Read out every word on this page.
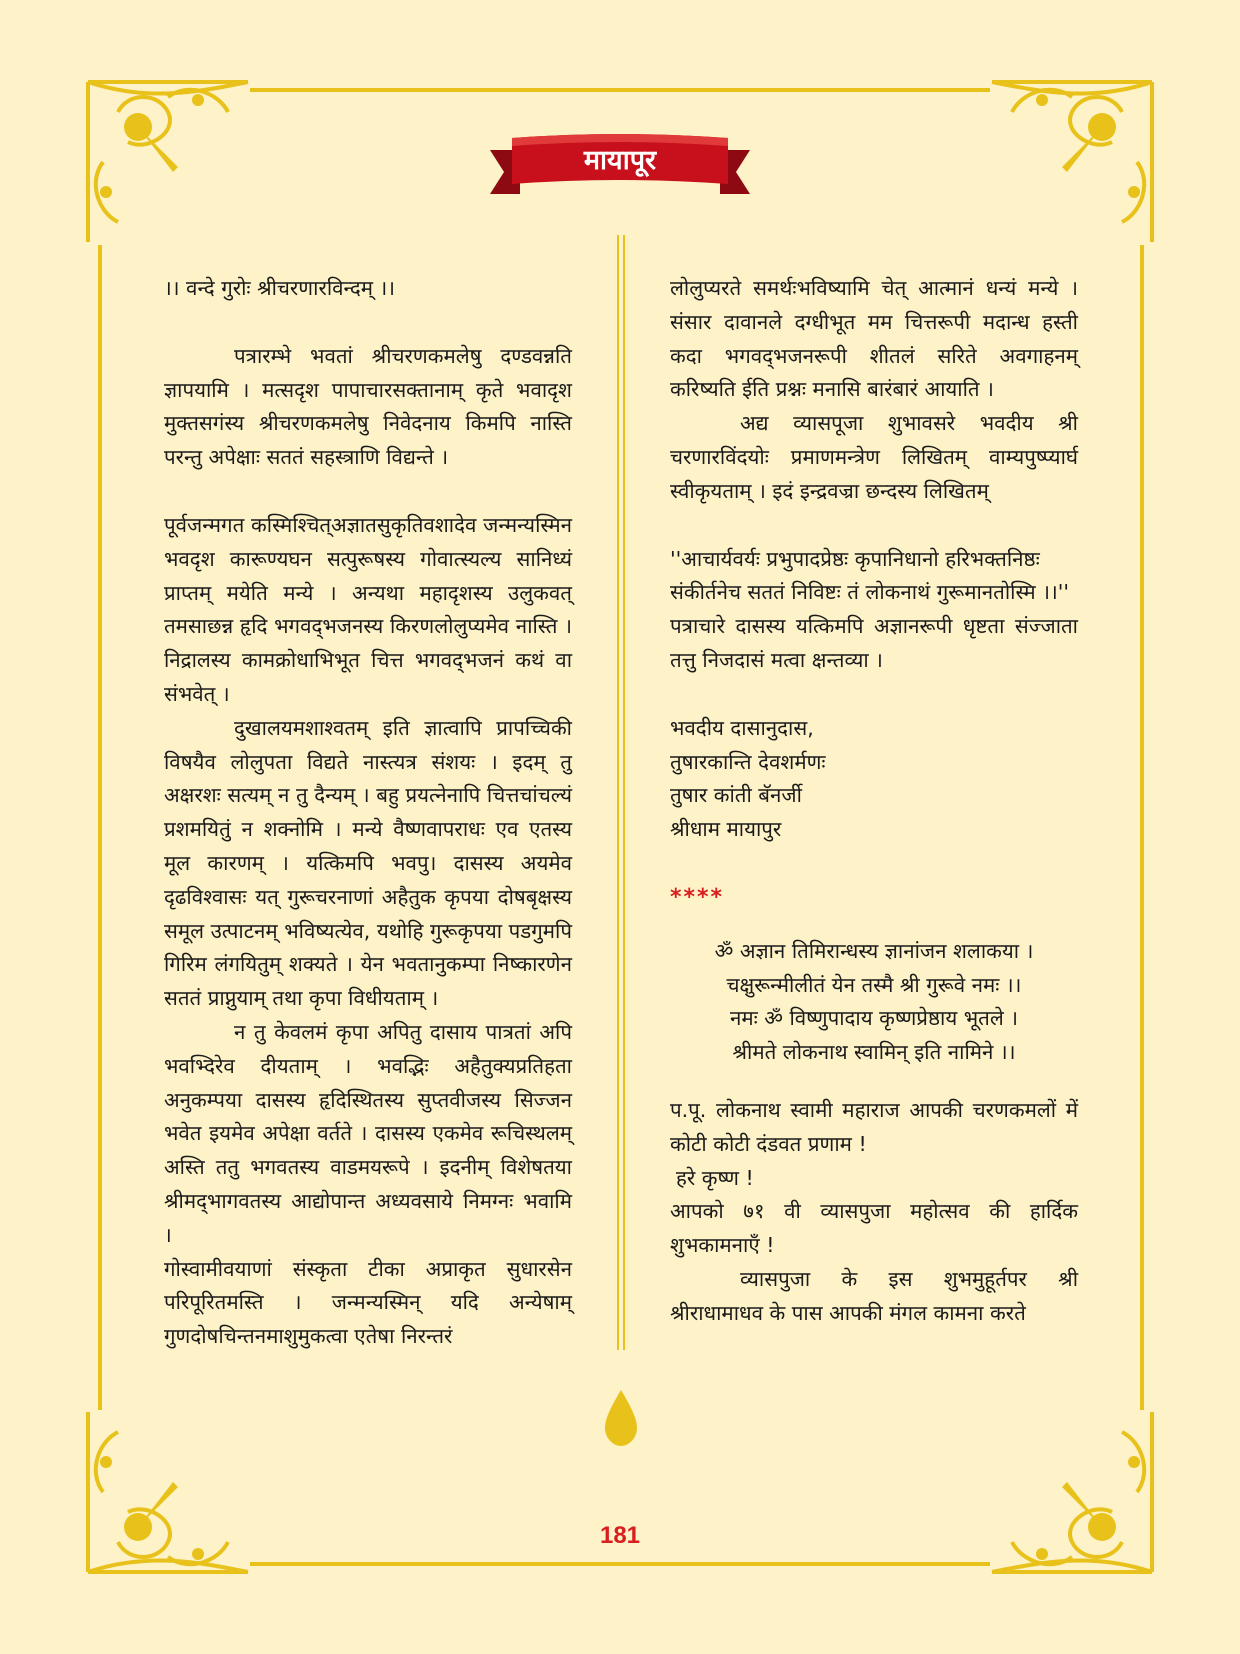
मायापूर

।। वन्दे गुरोः श्रीचरणारविन्दम् ।।

पत्रारम्भे भवतां श्रीचरणकमलेषु दण्डवन्नति ज्ञापयामि । मत्सदृश पापाचारसक्तानाम् कृते भवादृश मुक्तसगंस्य श्रीचरणकमलेषु निवेदनाय किमपि नास्ति परन्तु अपेक्षाः सततं सहस्त्राणि विद्यन्ते ।

पूर्वजन्मगत कस्मिश्चित्‌अज्ञातसुकृतिवशादेव जन्मन्यस्मिन भवदृश कारूण्यघन सत्पुरूषस्य गोवात्स्यल्य सानिध्यं प्राप्तम् मयेति मन्ये । अन्यथा महादृशस्य उलुकवत् तमसाछन्न हृदि भगवद्‌भजनस्य किरणलोलुप्यमेव नास्ति । निद्रालस्य कामक्रोधाभिभूत चित्त भगवद्‌भजनं कथं वा संभवेत् ।

दुखालयमशाश्वतम् इति ज्ञात्वापि प्रापच्चिकी विषयैव लोलुपता विद्यते नास्त्यत्र संशयः । इदम् तु अक्षरशः सत्यम् न तु दैन्यम् । बहु प्रयत्नेनापि चित्तचांचल्यं प्रशमयितुं न शक्नोमि । मन्ये वैष्णवापराधः एव एतस्य मूल कारणम् । यत्किमपि भवपु। दासस्य अयमेव दृढविश्वासः यत् गुरूचरनाणां अहैतुक कृपया दोषबृक्षस्य समूल उत्पाटनम् भविष्यत्येव, यथोहि गुरूकृपया पडगुमपि गिरिम लंगयितुम् शक्यते । येन भवतानुकम्पा निष्कारणेन सततं प्राप्नुयाम् तथा कृपा विधीयताम् ।

न तु केवलमं कृपा अपितु दासाय पात्रतां अपि भवभ्दिरेव दीयताम् । भवद्भिः अहैतुक्यप्रतिहता अनुकम्पया दासस्य हृदिस्थितस्य सुप्तवीजस्य सिज्जन भवेत इयमेव अपेक्षा वर्तते । दासस्य एकमेव रूचिस्थलम् अस्ति ततु भगवतस्य वाडमयरूपे । इदनीम् विशेषतया श्रीमद्‌भागवतस्य आद्योपान्त अध्यवसाये निमग्नः भवामि ।

गोस्वामीवयाणां संस्कृता टीका अप्राकृत सुधारसेन परिपूरितमस्ति । जन्मन्यस्मिन् यदि अन्येषाम् गुणदोषचिन्तनमाशुमुकत्वा एतेषा निरन्तरं

लोलुप्यरते समर्थःभविष्यामि चेत् आत्मानं धन्यं मन्ये । संसार दावानले दग्धीभूत मम चित्तरूपी मदान्ध हस्ती कदा भगवद्‌भजनरूपी शीतलं सरिते अवगाहनम् करिष्यति ईति प्रश्नः मनासि बारंबारं आयाति ।

अद्य व्यासपूजा शुभावसरे भवदीय श्री चरणारविंदयोः प्रमाणमन्त्रेण लिखितम् वाम्यपुष्प्यार्घ स्वीकृयताम् । इदं इन्द्रवज्रा छन्दस्य लिखितम्

''आचार्यवर्यः प्रभुपादप्रेष्ठः कृपानिधानो हरिभक्तनिष्ठः

संकीर्तनेच सततं निविष्टः तं लोकनाथं गुरूमानतोस्मि ।।''

पत्राचारे दासस्य यत्किमपि अज्ञानरूपी धृष्टता संज्जाता तत्तु निजदासं मत्वा क्षन्तव्या ।

भवदीय दासानुदास,

तुषारकान्ति देवशर्मणः

तुषार कांती बॅनर्जी

श्रीधाम मायापुर

****

ॐ अज्ञान तिमिरान्धस्य ज्ञानांजन शलाकया ।

चक्षुरून्मीलीतं येन तस्मै श्री गुरूवे नमः ।।

नमः ॐ विष्णुपादाय कृष्णप्रेष्ठाय भूतले ।

श्रीमते लोकनाथ स्वामिन् इति नामिने ।।

प.पू. लोकनाथ स्वामी महाराज आपकी चरणकमलों में कोटी कोटी दंडवत प्रणाम !

हरे कृष्ण !

आपको ७१ वी व्यासपुजा महोत्सव की हार्दिक शुभकामनाएँ !

व्यासपुजा के इस शुभमुहूर्तपर श्री श्रीराधामाधव के पास आपकी मंगल कामना करते

181
